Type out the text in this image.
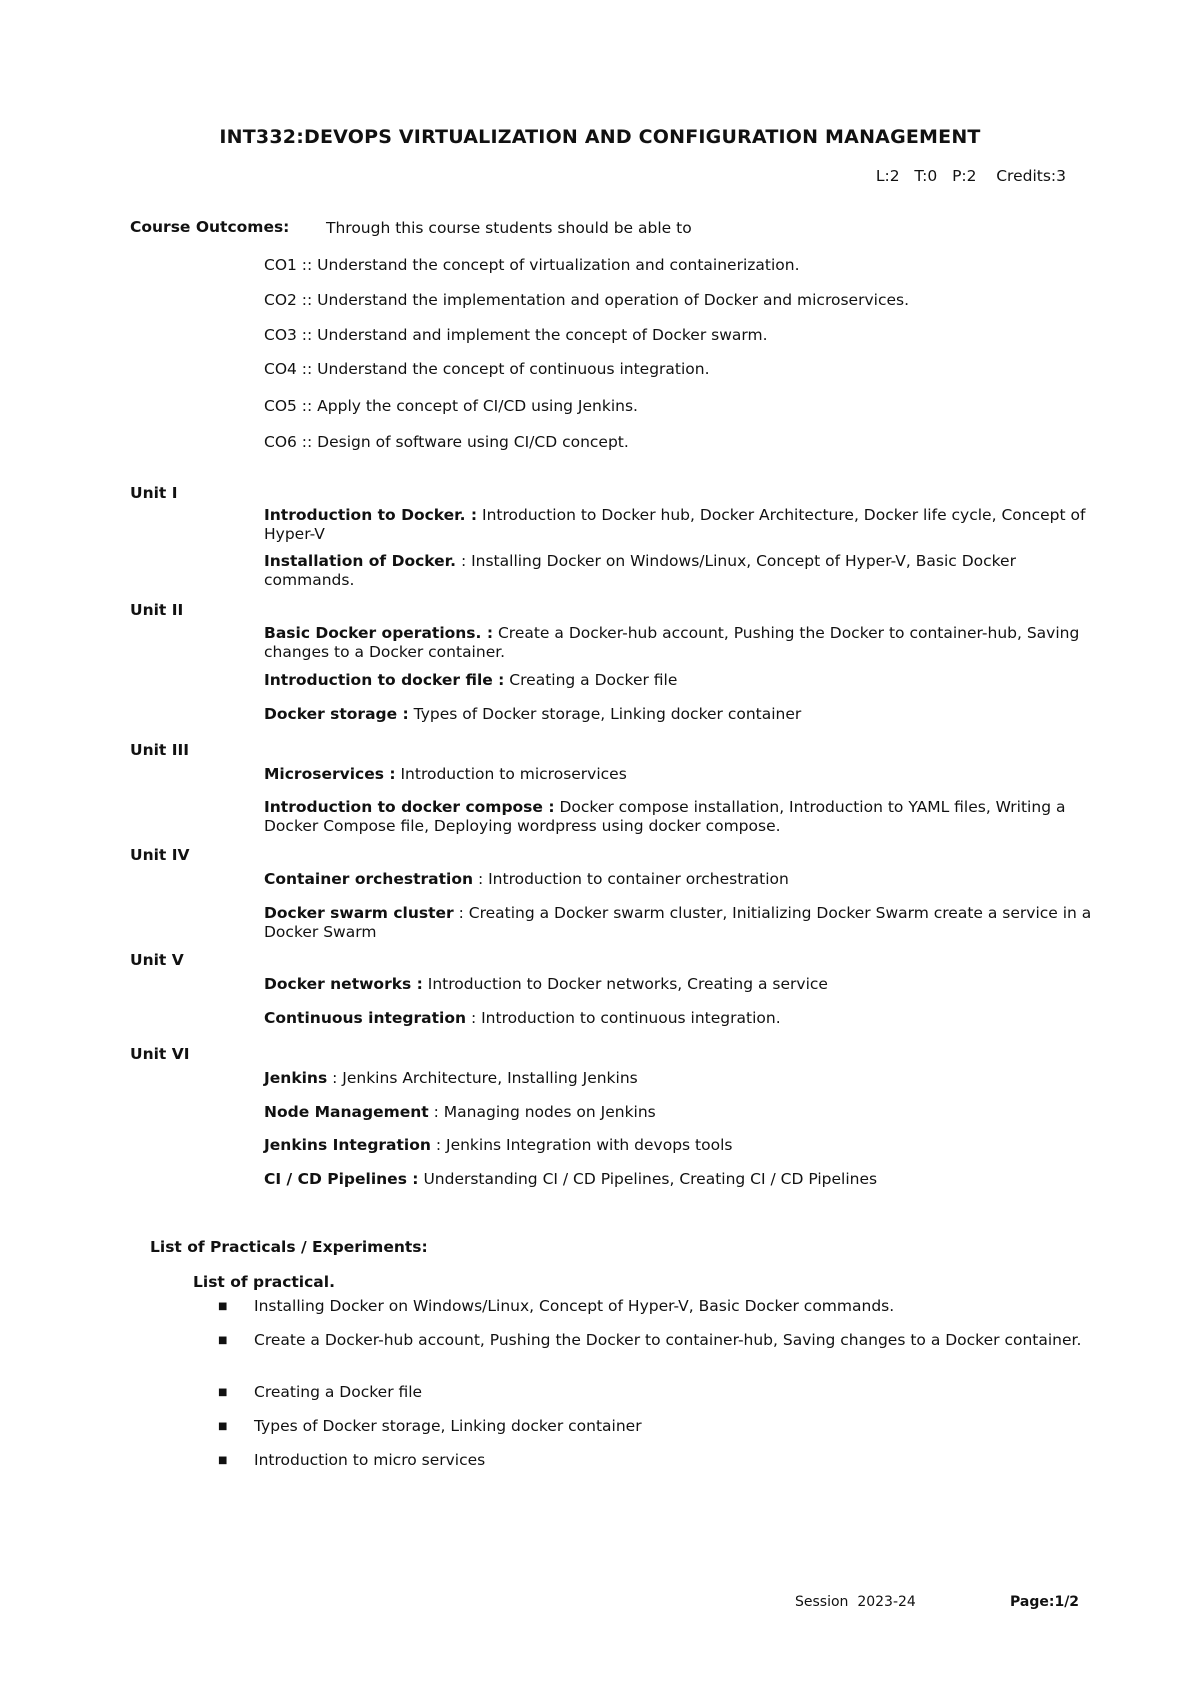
INT332:DEVOPS VIRTUALIZATION AND CONFIGURATION MANAGEMENT
L:2 T:0 P:2 Credits:3
Course Outcomes: Through this course students should be able to
CO1 :: Understand the concept of virtualization and containerization.
CO2 :: Understand the implementation and operation of Docker and microservices.
CO3 :: Understand and implement the concept of Docker swarm.
CO4 :: Understand the concept of continuous integration.
CO5 :: Apply the concept of CI/CD using Jenkins.
CO6 :: Design of software using CI/CD concept.
Unit I
Introduction to Docker. : Introduction to Docker hub, Docker Architecture, Docker life cycle, Concept of Hyper-V
Installation of Docker. : Installing Docker on Windows/Linux, Concept of Hyper-V, Basic Docker commands.
Unit II
Basic Docker operations. : Create a Docker-hub account, Pushing the Docker to container-hub, Saving changes to a Docker container.
Introduction to docker file : Creating a Docker file
Docker storage : Types of Docker storage, Linking docker container
Unit III
Microservices : Introduction to microservices
Introduction to docker compose : Docker compose installation, Introduction to YAML files, Writing a Docker Compose file, Deploying wordpress using docker compose.
Unit IV
Container orchestration : Introduction to container orchestration
Docker swarm cluster : Creating a Docker swarm cluster, Initializing Docker Swarm create a service in a Docker Swarm
Unit V
Docker networks : Introduction to Docker networks, Creating a service
Continuous integration : Introduction to continuous integration.
Unit VI
Jenkins : Jenkins Architecture, Installing Jenkins
Node Management : Managing nodes on Jenkins
Jenkins Integration : Jenkins Integration with devops tools
CI / CD Pipelines : Understanding CI / CD Pipelines, Creating CI / CD Pipelines
List of Practicals / Experiments:
List of practical.
■ Installing Docker on Windows/Linux, Concept of Hyper-V, Basic Docker commands.
■ Create a Docker-hub account, Pushing the Docker to container-hub, Saving changes to a Docker container.
■ Creating a Docker file
■ Types of Docker storage, Linking docker container
■ Introduction to micro services
Session  2023-24	Page:1/2
